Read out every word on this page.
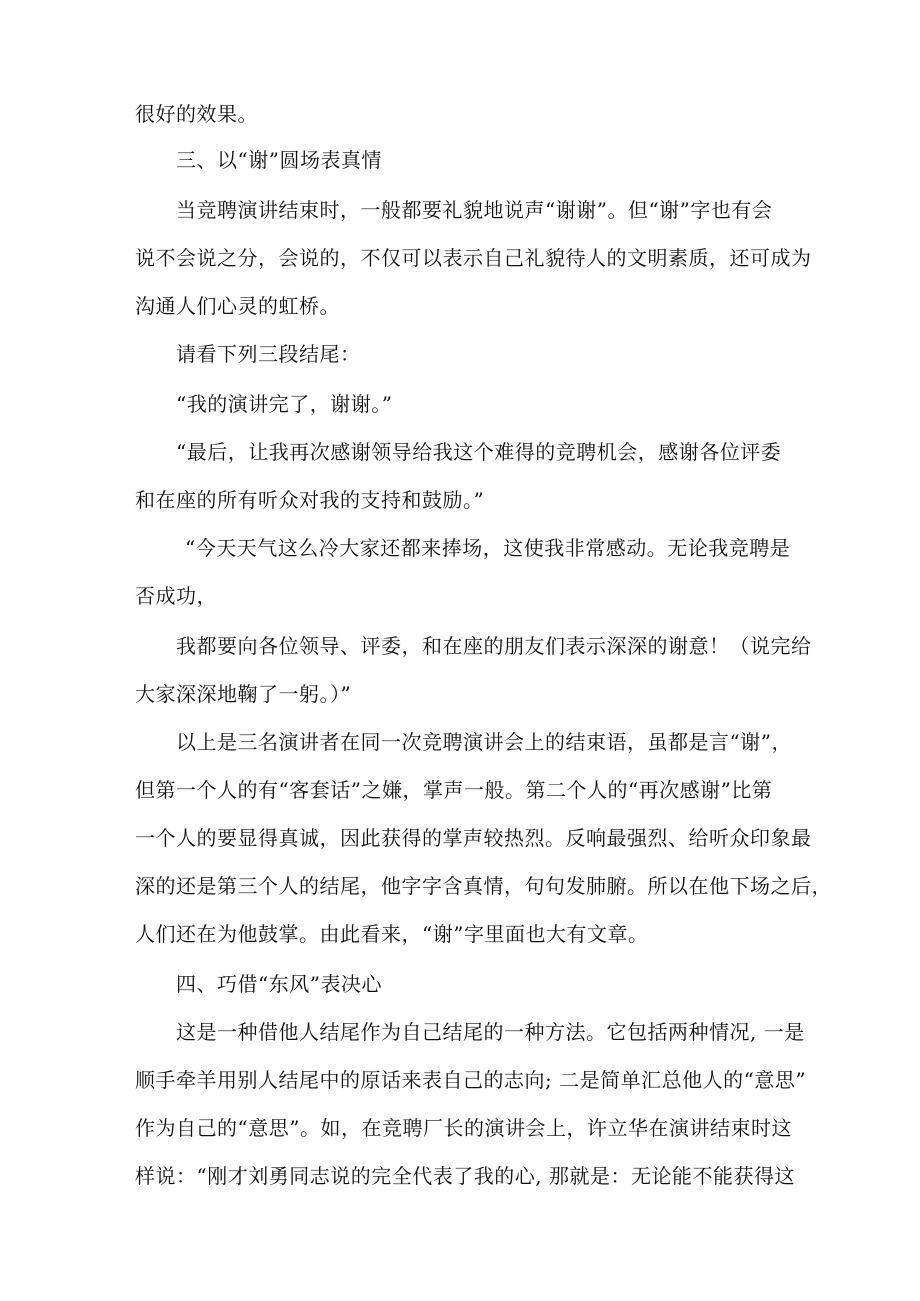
很好的效果。
三、以“谢”圆场表真情
当竞聘演讲结束时，一般都要礼貌地说声“谢谢”。但“谢”字也有会
说不会说之分，会说的，不仅可以表示自己礼貌待人的文明素质，还可成为
沟通人们心灵的虹桥。
请看下列三段结尾：
“我的演讲完了，谢谢。”
“最后，让我再次感谢领导给我这个难得的竞聘机会，感谢各位评委
和在座的所有听众对我的支持和鼓励。”
“今天天气这么冷大家还都来捧场，这使我非常感动。无论我竞聘是
否成功，
我都要向各位领导、评委，和在座的朋友们表示深深的谢意！（说完给
大家深深地鞠了一躬。）”
以上是三名演讲者在同一次竞聘演讲会上的结束语，虽都是言“谢”，
但第一个人的有“客套话”之嫌，掌声一般。第二个人的“再次感谢”比第
一个人的要显得真诚，因此获得的掌声较热烈。反响最强烈、给听众印象最
深的还是第三个人的结尾，他字字含真情，句句发肺腑。所以在他下场之后，
人们还在为他鼓掌。由此看来，“谢”字里面也大有文章。
四、巧借“东风”表决心
这是一种借他人结尾作为自己结尾的一种方法。它包括两种情况, 一是
顺手牵羊用别人结尾中的原话来表自己的志向; 二是简单汇总他人的“意思”
作为自己的“意思”。如，在竞聘厂长的演讲会上，许立华在演讲结束时这
样说：“刚才刘勇同志说的完全代表了我的心, 那就是：无论能不能获得这
